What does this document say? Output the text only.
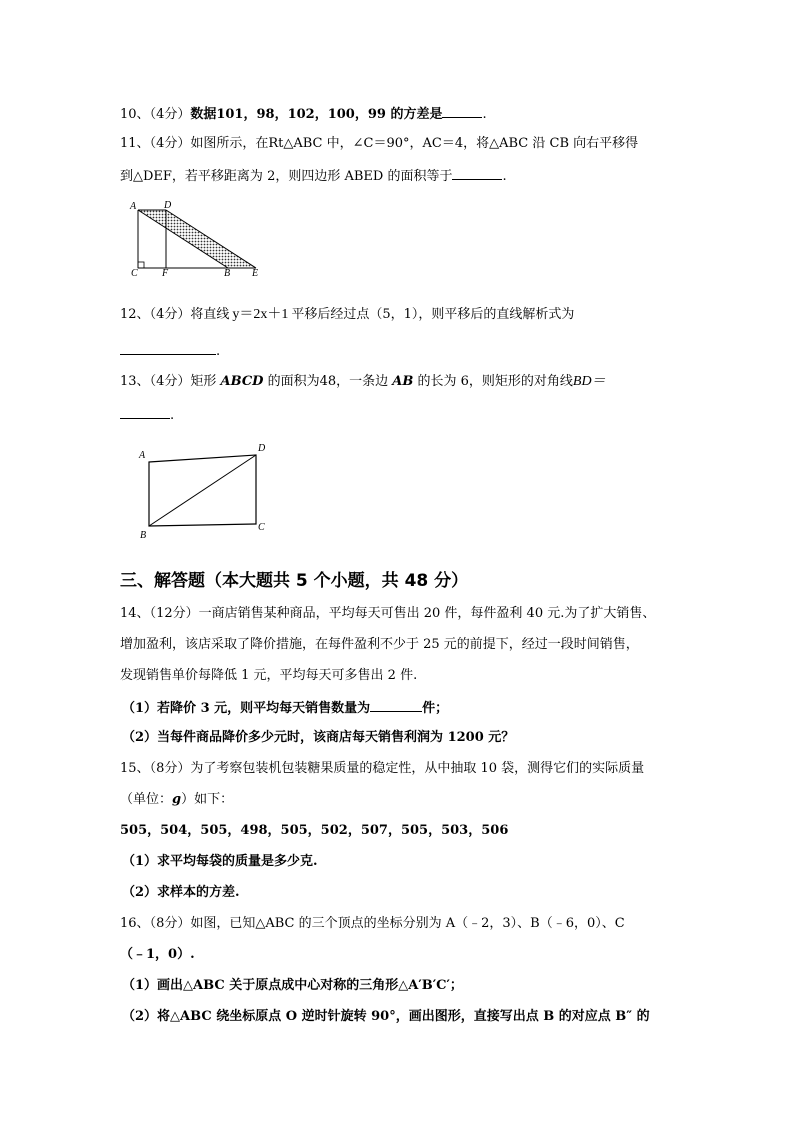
10、（4分）数据101，98，102，100，99 的方差是	.
11、（4分）如图所示，在Rt△ABC 中，∠C＝90°，AC＝4，将△ABC 沿 CB 向右平移得
到△DEF，若平移距离为 2，则四边形 ABED 的面积等于	.
A	D
C F	B E
12、（4分）将直线 y＝2x＋1 平移后经过点（5，1），则平移后的直线解析式为
.
13、（4分）矩形 ABCD 的面积为48，一条边 AB 的长为 6，则矩形的对角线BD＝
.
A
D
B
C
三、解答题（本大题共 5 个小题，共 48 分）
14、（12分）一商店销售某种商品，平均每天可售出 20 件，每件盈利 40 元.为了扩大销售、
增加盈利，该店采取了降价措施，在每件盈利不少于 25 元的前提下，经过一段时间销售，
发现销售单价每降低 1 元，平均每天可多售出 2 件.
（1）若降价 3 元，则平均每天销售数量为	件；
（2）当每件商品降价多少元时，该商店每天销售利润为 1200 元？
15、（8分）为了考察包装机包装糖果质量的稳定性，从中抽取 10 袋，测得它们的实际质量
（单位：g）如下：
505，504，505，498，505，502，507，505，503，506
（1）求平均每袋的质量是多少克.
（2）求样本的方差.
16、（8分）如图，已知△ABC 的三个顶点的坐标分别为 A（﹣2，3）、B（﹣6，0）、C
（﹣1，0）.
（1）画出△ABC 关于原点成中心对称的三角形△A′B′C′；
（2）将△ABC 绕坐标原点 O 逆时针旋转 90°，画出图形，直接写出点 B 的对应点 B″ 的
